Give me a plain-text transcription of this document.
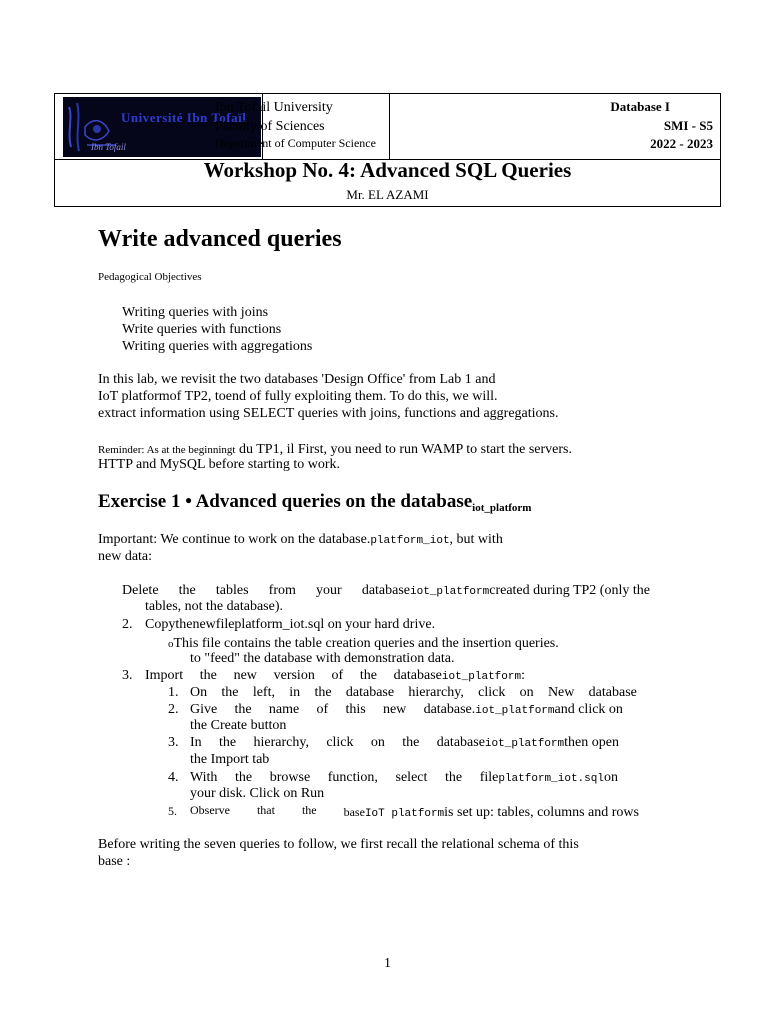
Université Ibn Tofaïl
Ibn Tofail
Ibn Tofail University
Faculty of Sciences
Department of Computer Science
Database I
SMI - S5
2022 - 2023
Workshop No. 4: Advanced SQL Queries
Mr. EL AZAMI
Write advanced queries
Pedagogical Objectives
Writing queries with joins
Write queries with functions
Writing queries with aggregations
In this lab, we revisit the two databases 'Design Office' from Lab 1 and
IoT platformof TP2, toend of fully exploiting them. To do this, we will.
extract information using SELECT queries with joins, functions and aggregations.
Reminder: As at the beginningt du TP1, il First, you need to run WAMP to start the servers.
HTTP and MySQL before starting to work.
Exercise 1 • Advanced queries on the database$_{iot\_platform}$
Important: We continue to work on the database.platform_iot, but with
new data:
Delete the tables from your databaseiot_platformcreated during TP2 (only the
tables, not the database).
2. Copy the new fileplatform_iot.sql on your hard drive.
oThis file contains the table creation queries and the insertion queries.
to "feed" the database with demonstration data.
3. Import the new version of the databaseiot_platform:
1. On the left, in the database hierarchy, click on New database
2. Give the name of this new database.iot_platformand click on
the Create button
3. In the hierarchy, click on the databaseiot_platformthen open
the Import tab
4. With the browse function, select the fileplatform_iot.sqlon
your disk. Click on Run
5. Observe that the baseIoT platformis set up: tables, columns and rows
Before writing the seven queries to follow, we first recall the relational schema of this
base :
1
